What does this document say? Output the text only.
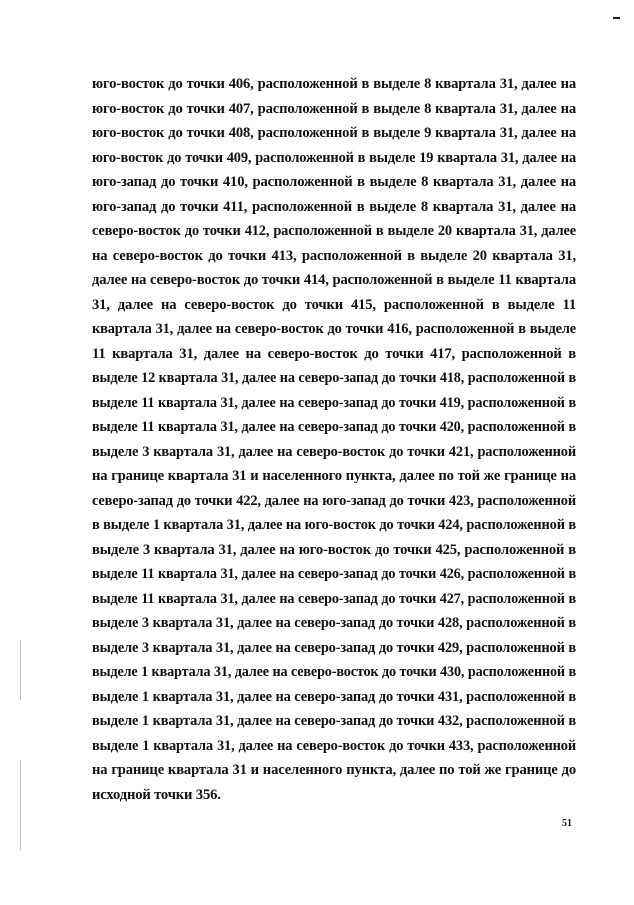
юго-восток до точки 406, расположенной в выделе 8 квартала 31, далее на
юго-восток до точки 407, расположенной в выделе 8 квартала 31, далее на
юго-восток до точки 408, расположенной в выделе 9 квартала 31, далее на
юго-восток до точки 409, расположенной в выделе 19 квартала 31, далее на
юго-запад до точки 410, расположенной в выделе 8 квартала 31, далее на
юго-запад до точки 411, расположенной в выделе 8 квартала 31, далее на
северо-восток до точки 412, расположенной в выделе 20 квартала 31, далее
на северо-восток до точки 413, расположенной в выделе 20 квартала 31,
далее на северо-восток до точки 414, расположенной в выделе 11 квартала
31, далее на северо-восток до точки 415, расположенной в выделе 11
квартала 31, далее на северо-восток до точки 416, расположенной в выделе
11 квартала 31, далее на северо-восток до точки 417, расположенной в
выделе 12 квартала 31, далее на северо-запад до точки 418, расположенной в
выделе 11 квартала 31, далее на северо-запад до точки 419, расположенной в
выделе 11 квартала 31, далее на северо-запад до точки 420, расположенной в
выделе 3 квартала 31, далее на северо-восток до точки 421, расположенной
на границе квартала 31 и населенного пункта, далее по той же границе на
северо-запад до точки 422, далее на юго-запад до точки 423, расположенной
в выделе 1 квартала 31, далее на юго-восток до точки 424, расположенной в
выделе 3 квартала 31, далее на юго-восток до точки 425, расположенной в
выделе 11 квартала 31, далее на северо-запад до точки 426, расположенной в
выделе 11 квартала 31, далее на северо-запад до точки 427, расположенной в
выделе 3 квартала 31, далее на северо-запад до точки 428, расположенной в
выделе 3 квартала 31, далее на северо-запад до точки 429, расположенной в
выделе 1 квартала 31, далее на северо-восток до точки 430, расположенной в
выделе 1 квартала 31, далее на северо-запад до точки 431, расположенной в
выделе 1 квартала 31, далее на северо-запад до точки 432, расположенной в
выделе 1 квартала 31, далее на северо-восток до точки 433, расположенной
на границе квартала 31 и населенного пункта, далее по той же границе до
исходной точки 356.
51
